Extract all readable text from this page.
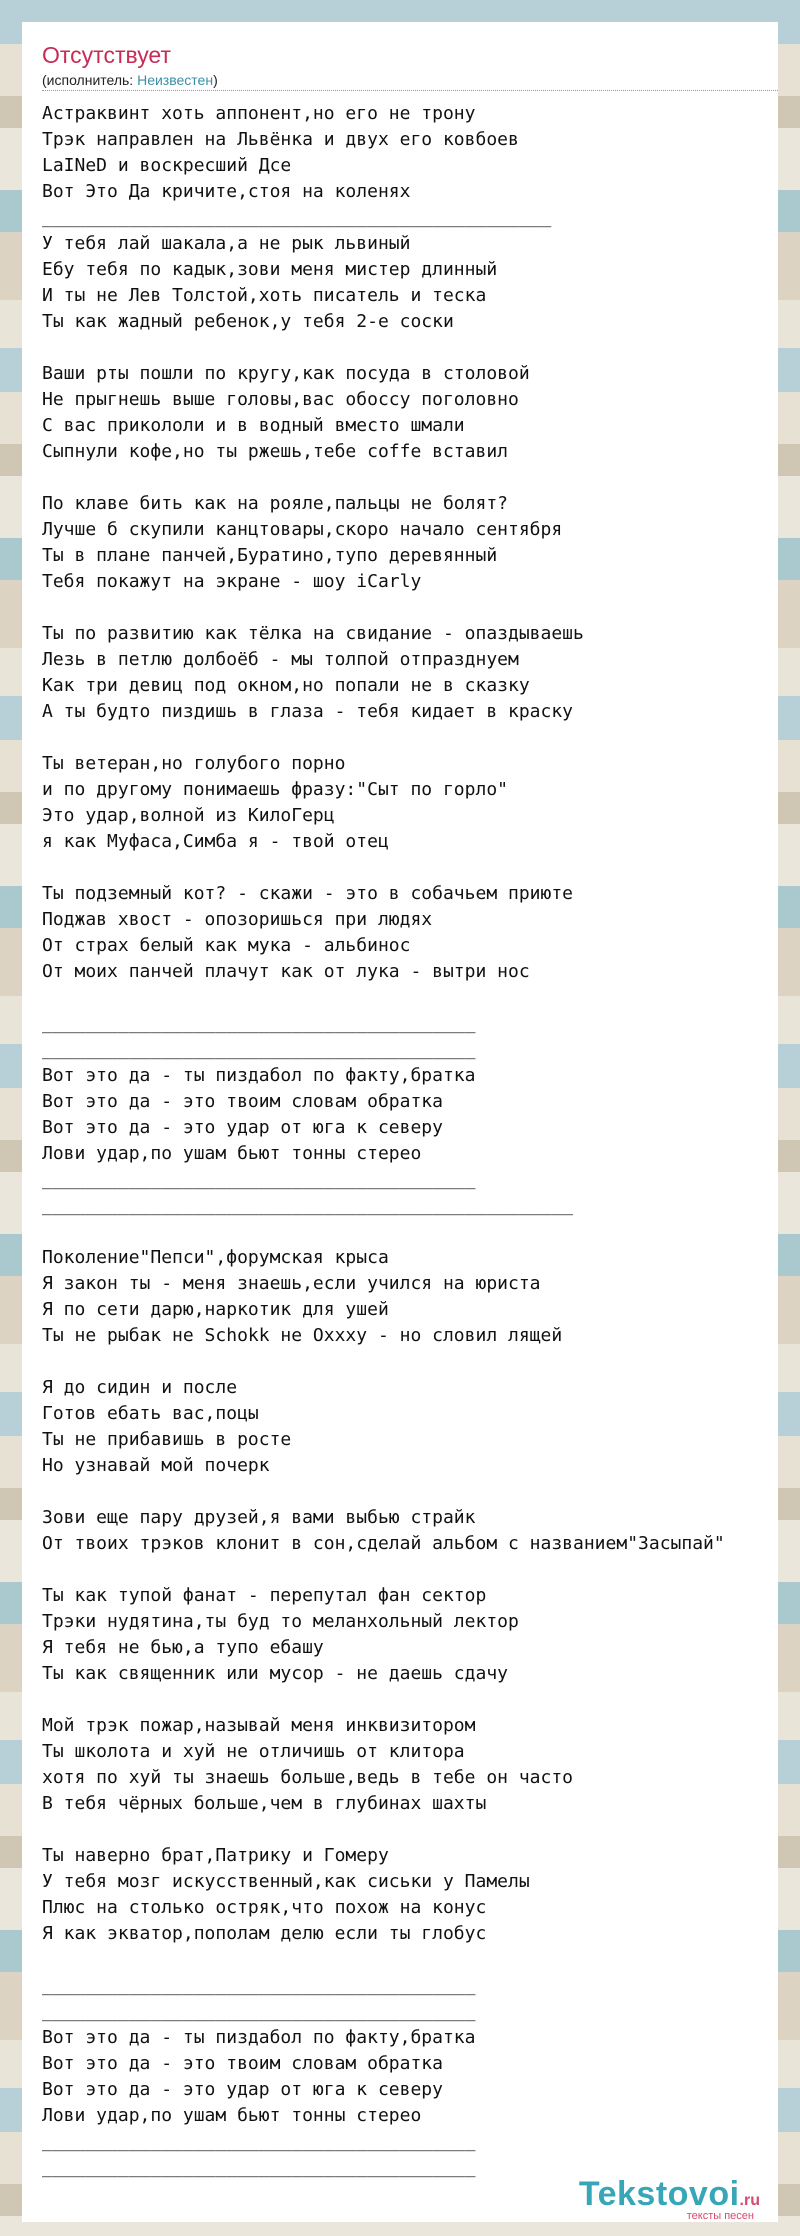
Отсутствует
(исполнитель: Неизвестен)
Астраквинт хоть аппонент,но его не трону
Трэк направлен на Львёнка и двух его ковбоев
LaINeD и воскресший Дсе
Вот Это Да кричите,стоя на коленях
_______________________________________________
У тебя лай шакала,а не рык львиный
Ебу тебя по кадык,зови меня мистер длинный
И ты не Лев Толстой,хоть писатель и теска
Ты как жадный ребенок,у тебя 2-е соски

Ваши рты пошли по кругу,как посуда в столовой
Не прыгнешь выше головы,вас обоссу поголовно
С вас прикололи и в водный вместо шмали
Сыпнули кофе,но ты ржешь,тебе coffe вставил

По клаве бить как на рояле,пальцы не болят?
Лучше б скупили канцтовары,скоро начало сентября
Ты в плане панчей,Буратино,тупо деревянный
Тебя покажут на экране - шоу iCarly

Ты по развитию как тёлка на свидание - опаздываешь
Лезь в петлю долбоёб - мы толпой отпразднуем
Как три девиц под окном,но попали не в сказку
А ты будто пиздишь в глаза - тебя кидает в краску

Ты ветеран,но голубого порно
и по другому понимаешь фразу:"Сыт по горло"
Это удар,волной из КилоГерц
я как Муфаса,Симба я - твой отец

Ты подземный кот? - скажи - это в собачьем приюте
Поджав хвост - опозоришься при людях
От страх белый как мука - альбинос
От моих панчей плачут как от лука - вытри нос

________________________________________
________________________________________
Вот это да - ты пиздабол по факту,братка
Вот это да - это твоим словам обратка
Вот это да - это удар от юга к северу
Лови удар,по ушам бьют тонны стерео
________________________________________
_________________________________________________

Поколение"Пепси",форумская крыса
Я закон ты - меня знаешь,если учился на юриста
Я по сети дарю,наркотик для ушей
Ты не рыбак не Schokk не Oxxxy - но словил лящей

Я до сидин и после
Готов ебать вас,поцы
Ты не прибавишь в росте
Но узнавай мой почерк

Зови еще пару друзей,я вами выбью страйк
От твоих трэков клонит в сон,сделай альбом с названием"Засыпай"

Ты как тупой фанат - перепутал фан сектор
Трэки нудятина,ты буд то меланхольный лектор
Я тебя не бью,а тупо ебашу
Ты как священник или мусор - не даешь сдачу

Мой трэк пожар,называй меня инквизитором
Ты школота и хуй не отличишь от клитора
хотя по хуй ты знаешь больше,ведь в тебе он часто
В тебя чёрных больше,чем в глубинах шахты

Ты наверно брат,Патрику и Гомеру
У тебя мозг искусственный,как сиськи у Памелы
Плюс на столько остряк,что похож на конус
Я как экватор,пополам делю если ты глобус

________________________________________
________________________________________
Вот это да - ты пиздабол по факту,братка
Вот это да - это твоим словам обратка
Вот это да - это удар от юга к северу
Лови удар,по ушам бьют тонны стерео
________________________________________
________________________________________
Tekstovoi.ru
тексты песен
